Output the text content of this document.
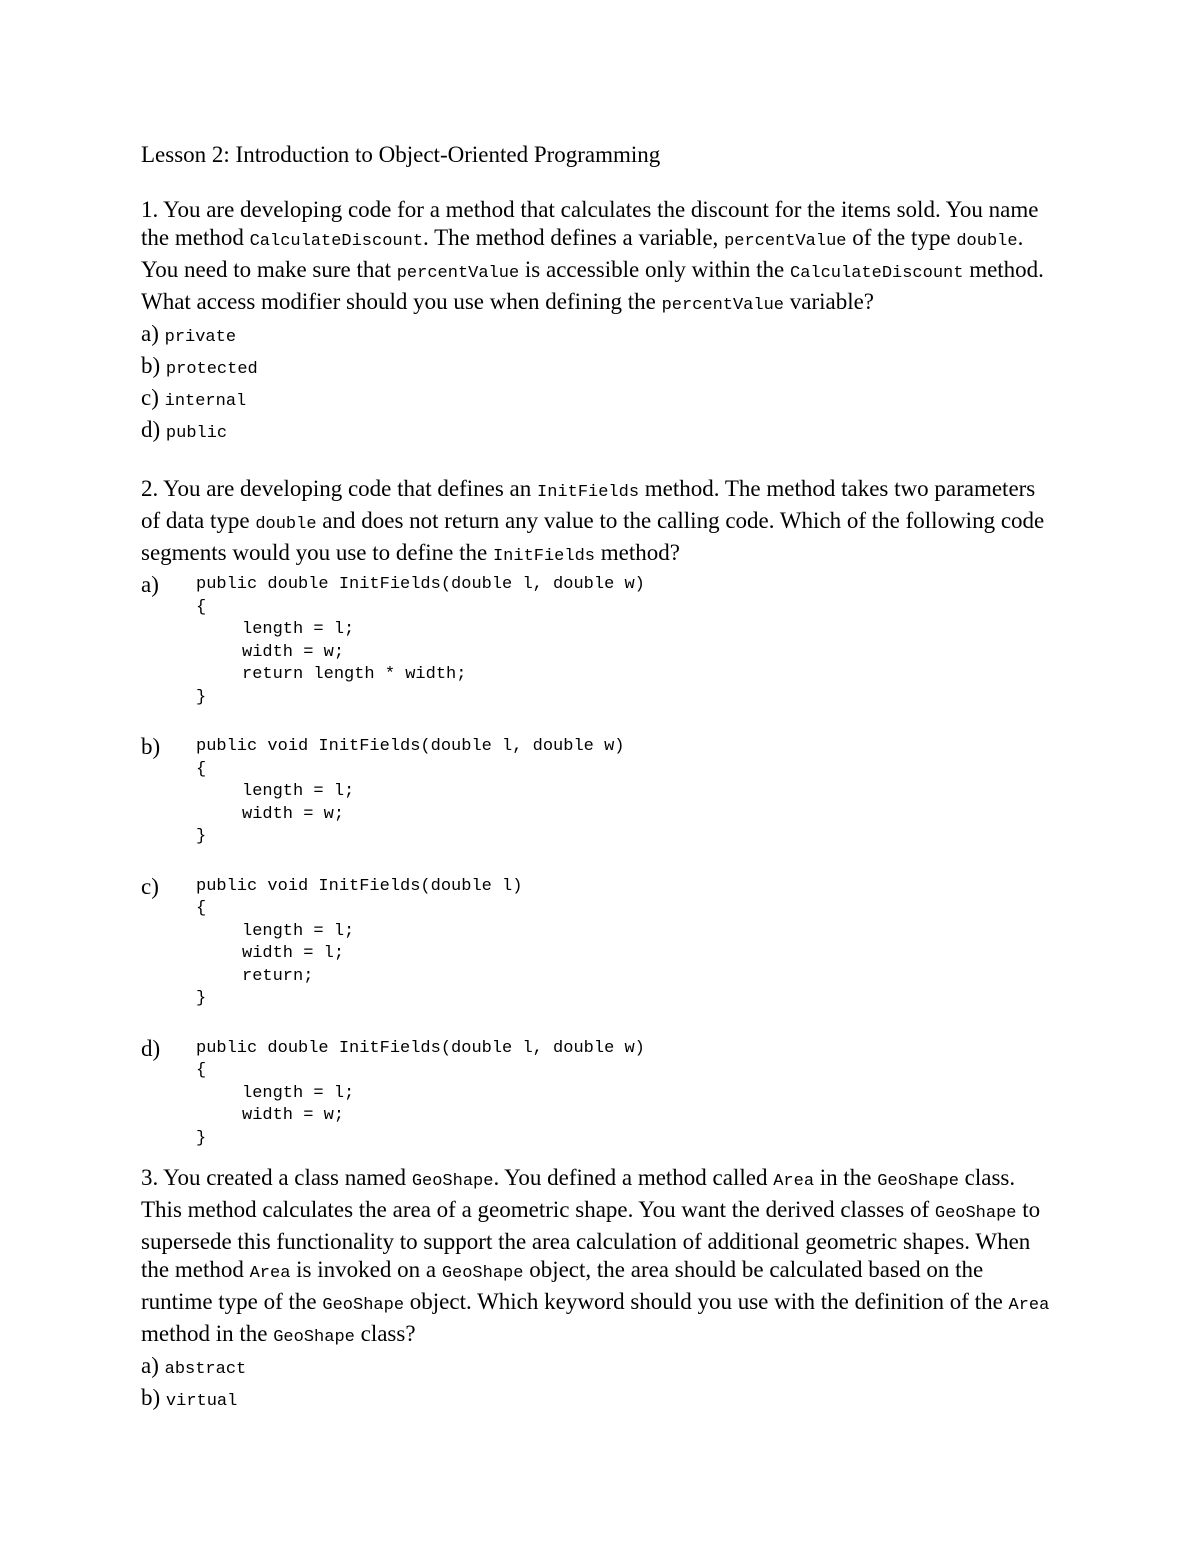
Lesson 2: Introduction to Object-Oriented Programming

1. You are developing code for a method that calculates the discount for the items sold. You name the method CalculateDiscount. The method defines a variable, percentValue of the type double. You need to make sure that percentValue is accessible only within the CalculateDiscount method. What access modifier should you use when defining the percentValue variable?

a) private

b) protected

c) internal

d) public

2. You are developing code that defines an InitFields method. The method takes two parameters of data type double and does not return any value to the calling code. Which of the following code segments would you use to define the InitFields method?

a)	public double InitFields(double l, double w)
{
length = l;
width = w;
return length * width;
}
b)	public void InitFields(double l, double w)
{
length = l;
width = w;
}
c)	public void InitFields(double l)
{
length = l;
width = l;
return;
}
d)	public double InitFields(double l, double w)
{
length = l;
width = w;
}

3. You created a class named GeoShape. You defined a method called Area in the GeoShape class. This method calculates the area of a geometric shape. You want the derived classes of GeoShape to supersede this functionality to support the area calculation of additional geometric shapes. When the method Area is invoked on a GeoShape object, the area should be calculated based on the runtime type of the GeoShape object. Which keyword should you use with the definition of the Area method in the GeoShape class?

a) abstract

b) virtual
